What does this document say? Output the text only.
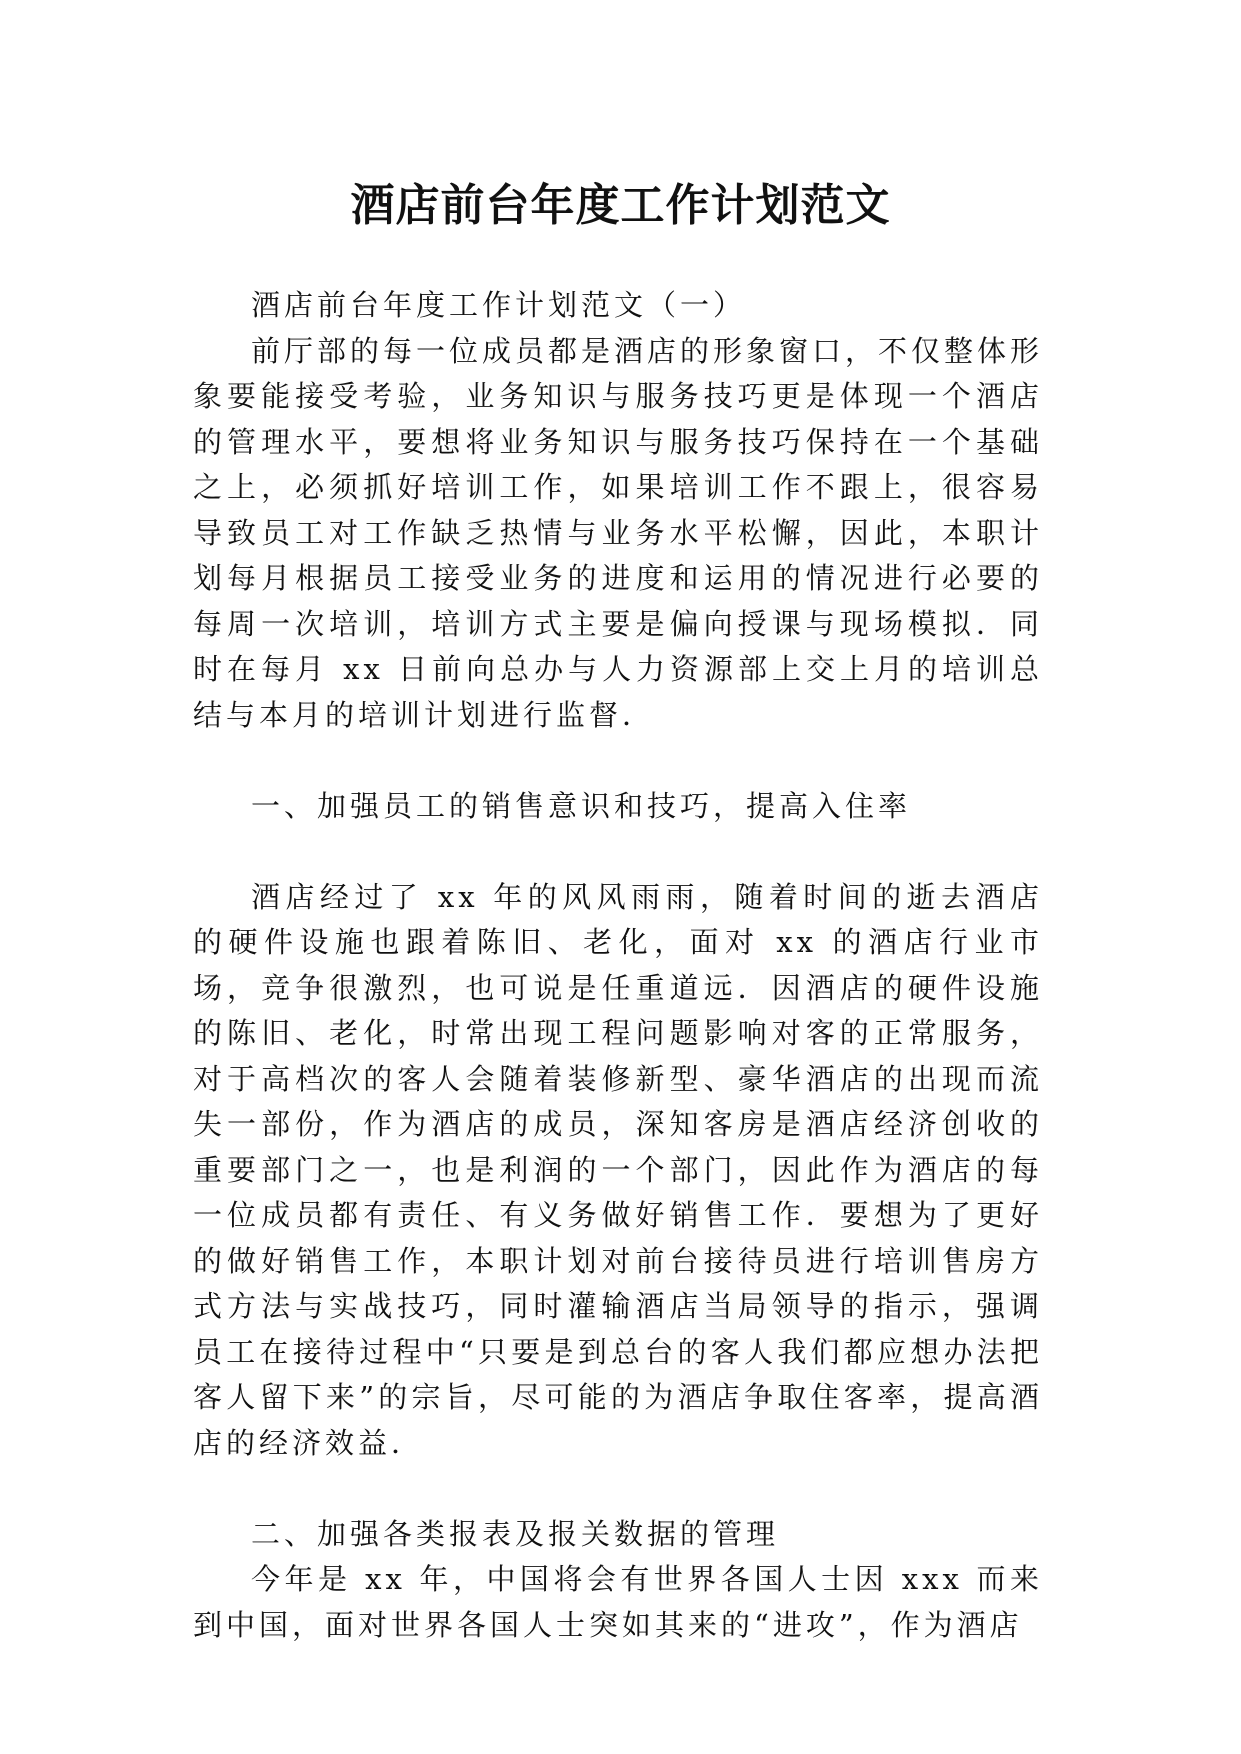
酒店前台年度工作计划范文

酒店前台年度工作计划范文（一）

前厅部的每一位成员都是酒店的形象窗口，不仅整体形象要能接受考验，业务知识与服务技巧更是体现一个酒店的管理水平，要想将业务知识与服务技巧保持在一个基础之上，必须抓好培训工作，如果培训工作不跟上，很容易导致员工对工作缺乏热情与业务水平松懈，因此，本职计划每月根据员工接受业务的进度和运用的情况进行必要的每周一次培训，培训方式主要是偏向授课与现场模拟．同时在每月 xx 日前向总办与人力资源部上交上月的培训总结与本月的培训计划进行监督．

一、加强员工的销售意识和技巧，提高入住率

酒店经过了 xx 年的风风雨雨，随着时间的逝去酒店的硬件设施也跟着陈旧、老化，面对 xx 的酒店行业市场，竞争很激烈，也可说是任重道远．因酒店的硬件设施的陈旧、老化，时常出现工程问题影响对客的正常服务，对于高档次的客人会随着装修新型、豪华酒店的出现而流失一部份，作为酒店的成员，深知客房是酒店经济创收的重要部门之一，也是利润的一个部门，因此作为酒店的每一位成员都有责任、有义务做好销售工作．要想为了更好的做好销售工作，本职计划对前台接待员进行培训售房方式方法与实战技巧，同时灌输酒店当局领导的指示，强调员工在接待过程中“只要是到总台的客人我们都应想办法把客人留下来”的宗旨，尽可能的为酒店争取住客率，提高酒店的经济效益．

二、加强各类报表及报关数据的管理

今年是 xx 年，中国将会有世界各国人士因 xxx 而来到中国，面对世界各国人士突如其来的“进攻”，作为酒店
